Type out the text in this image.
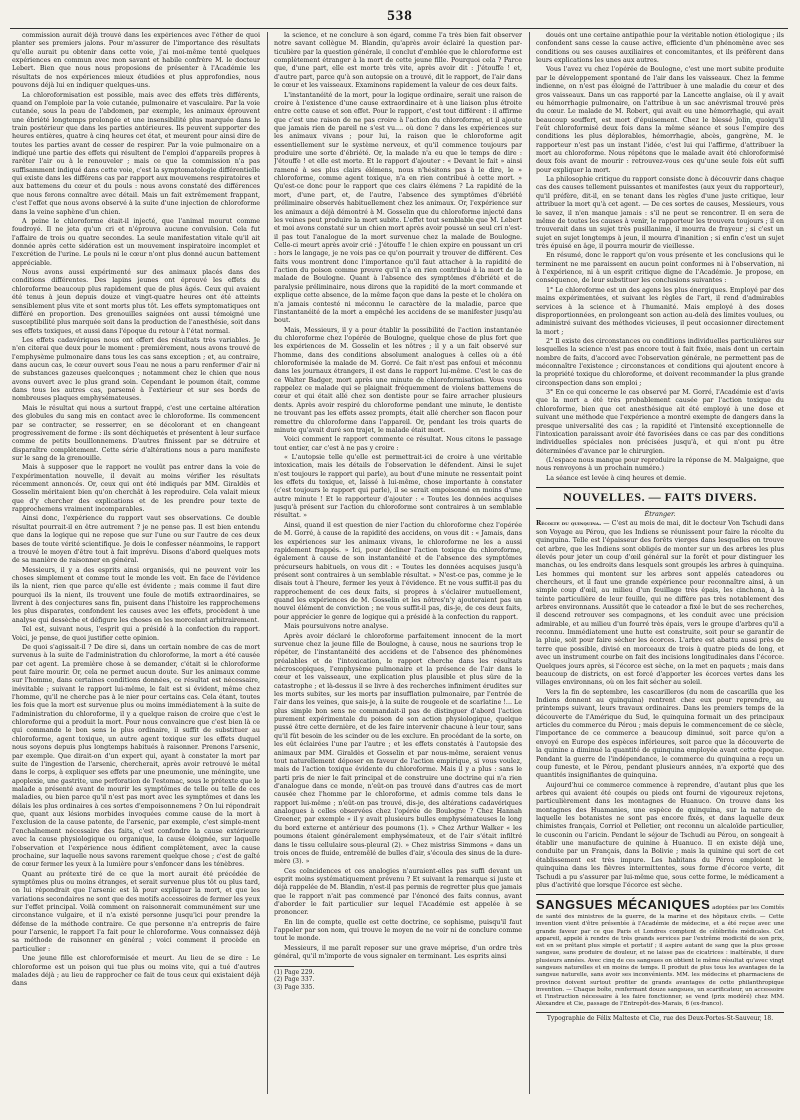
538

commission aurait déjà trouvé dans les expériences avec l'éther de quoi planter ses premiers jalons. Pour m'assurer de l'importance des résultats qu'elle aurait pu obtenir dans cette voie, j'ai moi-même tenté quelques expériences en commun avec mon savant et habile confrère M. le docteur Lebert. Bien que nous nous proposions de présenter à l'Académie les résultats de nos expériences mieux étudiées et plus approfondies, nous pouvons déjà lui en indiquer quelques-uns.

La chloroformisation est possible, mais avec des effets très différents, quand on l'emploie par la voie cutanée, pulmonaire et vasculaire. Par la voie cutanée, sous la peau de l'abdomen, par exemple, les animaux éprouvent une ébriété longtemps prolongée et une insensibilité plus marquée dans le train postérieur que dans les parties antérieures. Ils peuvent supporter des heures entières, quatre à cinq heures cet état, et meurent pour ainsi dire de toutes les parties avant de cesser de respirer. Par la voie pulmonaire on a indiqué une partie des effets qui résultent de l'emploi d'appareils propres à rarêter l'air ou à le renouveler ; mais ce que la commission n'a pas suffisamment indiqué dans cette voie, c'est la symptomatologie différentielle qui existe dans les différens cas par rapport aux mouvemens respiratoires et aux battemens du cœur et du pouls : nous avons constaté des différences que nous ferons connaître avec détail. Mais un fait extrêmement frappant, c'est l'effet que nous avons observé à la suite d'une injection de chloroforme dans la veine saphène d'un chien.

A peine le chloroforme était-il injecté, que l'animal mourut comme foudroyé. Il ne jeta qu'un cri et n'éprouva aucune convulsion. Cela fut l'affaire de trois ou quatre secondes. La seule manifestation vitale qu'il ait donnée après cette sidération est un mouvement inspiratoire incomplet et l'excrétion de l'urine. Le pouls ni le cœur n'ont plus donné aucun battement appréciable.

Nous avons aussi expérimenté sur des animaux placés dans des conditions différentes. Des lapins jeunes ont éprouvé les effets du chloroforme beaucoup plus rapidement que de plus âgés. Ceux qui avaient été tenus à jeun depuis douze et vingt-quatre heures ont été atteints sensiblement plus vite et sont morts plus tôt. Les effets symptomatiques ont différé en proportion. Des grenouilles saignées ont aussi témoigné une susceptibilité plus marquée soit dans la production de l'anesthésie, soit dans ses effets toxiques, et aussi dans l'époque du retour à l'état normal.

Les effets cadavériques nous ont offert des résultats très variables. Je n'en citerai que deux pour le moment : premièrement, nous avons trouvé de l'emphysème pulmonaire dans tous les cas sans exception ; et, au contraire, dans aucun cas, le cœur ouvert sous l'eau ne nous a paru renfermer d'air ni de substances gazeuses quelconques ; notamment chez le chien que nous avons ouvert avec le plus grand soin. Cependant le poumon était, comme dans tous les autres cas, parsemé à l'extérieur et sur ses bords de nombreuses plaques emphysémateuses.

Mais le résultat qui nous a surtout frappé, c'est une certaine altération des globules du sang mis en contact avec le chloroforme. Ils commencent par se contracter, se resserrer, en se décolorant et en changeant progressivement de forme : ils sont déchiquetés et présentent à leur surface comme de petits bouillonnemens. D'autres finissent par se détruire et disparaître complètement. Cette série d'altérations nous a paru manifeste sur le sang de la grenouille.

Mais à supposer que le rapport ne voulût pas entrer dans la voie de l'expérimentation nouvelle, il devait au moins vérifier les résultats récemment annoncés. Or, ceux qui ont été indiqués par MM. Giraldès et Gosselin méritaient bien qu'on cherchât à les reproduire. Cela valait mieux que d'y chercher des explications et de les prendre pour texte de rapprochemens vraiment incomparables.

Ainsi donc, l'expérience du rapport vaut ses observations. Ce double résultat pourrait-il en être autrement ? je ne pense pas. Il est bien entendu que dans la logique qui ne repose que sur l'une ou sur l'autre de ces deux bases de toute vérité scientifique. Je dois le confesser néanmoins, le rapport a trouvé le moyen d'être tout à fait imprévu. Disons d'abord quelques mots de sa manière de raisonner en général.

Messieurs, il y a des esprits ainsi organisés, qui ne peuvent voir les choses simplement et comme tout le monde les voit. En face de l'évidence ils la nient, rien que parce qu'elle est évidente ; mais comme il faut dire pourquoi ils la nient, ils trouvent une foule de motifs extraordinaires, se livrent à des conjectures sans fin, puisent dans l'histoire les rapprochemens les plus disparates, confondent les causes avec les effets, procèdent à une analyse qui dessèche et défigure les choses en les morcelant arbitrairement.

Tel est, suivant nous, l'esprit qui a présidé à la confection du rapport. Voici, je pense, de quoi justifier cette opinion.

De quoi s'agissait-il ? De dire si, dans un certain nombre de cas de mort survenus à la suite de l'administration du chloroforme, la mort a été causée par cet agent. La première chose à se demander, c'était si le chloroforme peut faire mourir. Or, cela ne permet aucun doute. Sur les animaux comme sur l'homme, dans certaines conditions données, ce résultat est nécessaire, inévitable ; suivant le rapport lui-même, le fait est si évident, même chez l'homme, qu'il ne cherche pas à le nier pour certains cas. Cela étant, toutes les fois que la mort est survenue plus ou moins immédiatement à la suite de l'administration du chloroforme, il y a quelque raison de croire que c'est le chloroforme qui a produit la mort. Pour nous convaincre que c'est bien là ce qui commande le bon sens le plus ordinaire, il suffit de substituer au chloroforme, agent toxique, un autre agent toxique sur les effets duquel nous soyons depuis plus longtemps habitués à raisonner. Prenons l'arsenic, par exemple. Que dirait-on d'un expert qui, ayant à constater la mort par suite de l'ingestion de l'arsenic, chercherait, après avoir retrouvé le métal dans le corps, à expliquer ses effets par une pneumonie, une méningite, une apoplexie, une gastrite, une perforation de l'estomac, sous le prétexte que le malade a présenté avant de mourir les symptômes de telle ou telle de ces maladies, ou bien parce qu'il n'est pas mort avec les symptômes et dans les délais les plus ordinaires à ces sortes d'empoisonnemens ? On lui répondrait que, quant aux lésions morbides invoquées comme cause de la mort à l'exclusion de la cause patente, de l'arsenic, par exemple, c'est simple-ment l'enchaînement nécessaire des faits, c'est confondre la cause extérieure avec la cause physiologique ou organique, la cause éloignée, sur laquelle l'observation et l'expérience nous édifient complètement, avec la cause prochaine, sur laquelle nous savons rarement quelque chose ; c'est de gaîté de cœur fermer les yeux à la lumière pour s'enfoncer dans les ténèbres.

Quant au prétexte tiré de ce que la mort aurait été précédée de symptômes plus ou moins étranges, et serait survenue plus tôt ou plus tard, on lui répondrait que l'arsenic est là pour expliquer la mort, et que les variations secondaires ne sont que des motifs accessoires de fermer les yeux sur l'effet principal. Voilà comment on raisonnerait communément sur une circonstance vulgaire, et il n'a existé personne jusqu'ici pour prendre la défense de la méthode contraire. Ce que personne n'a entrepris de faire pour l'arsenic, le rapport l'a fait pour le chloroforme. Vous connaissez déjà sa méthode de raisonner en général ; voici comment il procède en particulier :

Une jeune fille est chloroformisée et meurt. Au lieu de se dire : Le chloroforme est un poison qui tue plus ou moins vite, qui a tué d'autres malades déjà ; au lieu de rapprocher ce fait de tous ceux qui existaient déjà dans

la science, et ne conclure à son égard, comme l'a très bien fait observer notre savant collègue M. Blandin, qu'après avoir éclairé la question par-ticulière par la question générale, il conclut d'emblée que le chloroforme est complètement étranger à la mort de cette jeune fille. Pourquoi cela ? Parce que, d'une part, elle est morte très vite, après avoir dit : J'étouffe ! et, d'autre part, parce qu'à son autopsie on a trouvé, dit le rapport, de l'air dans le cœur et les vaisseaux. Examinons rapidement la valeur de ces deux faits.

L'instantanéité de la mort, pour la logique ordinaire, serait une raison de croire à l'existence d'une cause extraordinaire et à une liaison plus étroite entre cette cause et son effet. Pour le rapport, c'est tout différent : il affirme que c'est une raison de ne pas croire à l'action du chloroforme, et il ajoute que jamais rien de pareil ne s'est vu.... où donc ? dans les expériences sur les animaux vivans ; pour lui, la raison que le chloroforme agit essentiellement sur le système nerveux, et qu'il commence toujours par produire une sorte d'ébriété. Or, la malade n'a eu que le temps de dire : J'étouffe ! et elle est morte. Et le rapport d'ajouter : « Devant le fait » ainsi ramené à ses plus clairs élémens, nous n'hésitons pas à le dire, le » chloroforme, comme agent toxique, n'a en rien contribué à cette mort. » Qu'est-ce donc pour le rapport que ces clairs élémens ? La rapidité de la mort, d'une part, et, de l'autre, l'absence des symptômes d'ébriété préliminaire observés habituellement chez les animaux. Or, l'expérience sur les animaux a déjà démontré à M. Gosselin que du chloroforme injecté dans les veines peut produire la mort subite. L'effet tout semblable que M. Lebert et moi avons constaté sur un chien mort après avoir poussé un seul cri n'est-il pas tout l'analogue de la mort survenue chez la malade de Boulogne. Celle-ci meurt après avoir crié : J'étouffe ! le chien expire en poussant un cri : hors le langage, je ne vois pas ce qu'on pourrait y trouver de différent. Ces faits vous montrent donc l'importance qu'il faut attacher à la rapidité de l'action du poison comme preuve qu'il n'a en rien contribué à la mort de la malade de Boulogne. Quant à l'absence des symptômes d'ébriété et de paralysie préliminaire, nous dirons que la rapidité de la mort commande et explique cette absence, de la même façon que dans la peste et le choléra on n'a jamais contesté ni méconnu le caractère de la maladie, parce que l'instantanéité de la mort a empêché les accidens de se manifester jusqu'au bout.

Mais, Messieurs, il y a pour établir la possibilité de l'action instantanée du chloroforme chez l'opérée de Boulogne, quelque chose de plus fort que les expériences de M. Gosselin et les nôtres ; il y a un fait observé sur l'homme, dans des conditions absolument analogues à celles où a été chloroformisée la malade de M. Gorré. Ce fait n'est pas enfoui et méconnu dans les journaux étrangers, il est dans le rapport lui-même. C'est le cas de ce Walter Badger, mort après une minute de chloroformisation. Vous vous rappelez ce malade qui se plaignait fréquemment de violens battemens de cœur et qui était allé chez son dentiste pour se faire arracher plusieurs dents. Après avoir respiré du chloroforme pendant une minute, le dentiste ne trouvant pas les effets assez prompts, était allé chercher son flacon pour remettre du chloroforme dans l'appareil. Or, pendant les trois quarts de minute qu'avait duré son trajet, le malade était mort.

Voici comment le rapport commente ce résultat. Nous citons le passage tout entier, car c'est à ne pas y croire :

« L'autopsie telle qu'elle est permettrait-ici de croire à une véritable intoxication, mais les détails de l'observation le défendent. Ainsi le sujet n'est toujours le rapport qui parle), au bout d'une minute ne ressentait point les effets du toxique, et, laissé à lui-même, chose importante à constater (c'est toujours le rapport qui parle), il se serait empoisonné en moins d'une autre minute ! Et le rapporteur d'ajouter : « Toutes les données acquises jusqu'à présent sur l'action du chloroforme sont contraires à un semblable résultat. »

Ainsi, quand il est question de nier l'action du chloroforme chez l'opérée de M. Gorré, à cause de la rapidité des accidens, on vous dit : « Jamais, dans les expériences sur les animaux vivans, le chloroforme ne les a aussi rapidement frappés. » Ici, pour décliner l'action toxique du chloroforme, également à cause de son instantanéité et de l'absence des symptômes précurseurs habituels, on vous dit : « Toutes les données acquises jusqu'à présent sont contraires à un semblable résultat. » N'est-ce pas, comme je le disais tout à l'heure, fermer les yeux à l'évidence. Et ne vous suffit-il pas du rapprochement de ces deux faits, si propres à s'éclairer mutuellement, quand les expériences de M. Gosselin et les nôtres'n'y ajouteraient pas un nouvel élément de conviction ; ne vous suffit-il pas, dis-je, de ces deux faits, pour apprécier le genre de logique qui a présidé à la confection du rapport.

Mais poursuivons notre analyse.

Après avoir déclaré le chloroforme parfaitement innocent de la mort survenue chez la jeune fille de Boulogne, à cause, nous ne saurions trop le répéter, de l'instantanéité des accidens et de l'absence des phénomènes préalables et de l'intoxication, le rapport cherche dans les résultats nécroscopiques, l'emphysème pulmonaire et la présence de l'air dans le cœur et les vaisseaux, une explication plus plausible et plus sûre de la catastrophe ; et là-dessus il se livre à des recherches infiniment érudites sur les morts subites, sur les morts par insufflation pulmonaire, par l'entrée de l'air dans les veines, que sais-je, à la suite de rougeole et de scarlatine !... Le plus simple bon sens ne commandait-il pas de distinguer d'abord l'action purement expérimentale du poison de son action physiologique, quelque pussé être cette dernière, et de les faire intervenir chacune à leur tour, sans qu'il fût besoin de les scinder ou de les exclure. En procédant de la sorte, on les eût éclairées l'une par l'autre ; et les effets constatés à l'autopsie des animaux par MM. Giraldès et Gosselin et par nous-même, seraient venus tout naturellement déposer en faveur de l'action empirique, si vous voulez, mais de l'action toxique évidente du chloroforme. Mais il y a plus : sans le parti pris de nier le fait principal et de construire une doctrine qui n'a rien d'analogue dans ce monde, n'eût-on pas trouvé dans d'autres cas de mort causée chez l'homme par le chloroforme, et admis comme tels dans le rapport lui-même ; n'eût-on pas trouvé, dis-je, des altérations cadavériques analogues à celles observées chez l'opérée de Boulogne ? Chez Hannah Greener, par exemple « il y avait plusieurs bulles emphysémateuses le long du bord externe et antérieur des poumons (1). » Chez Arthur Walker « les poumons étaient généralement emphysémateux, et de l'air s'était infiltré dans le tissu cellulaire sous-pleural (2). » Chez mistriss Simmons « dans un trois onces de fluide, entremêlé de bulles d'air, s'écoula des sinus de la dure-mère (3). »

Ces coïncidences et ces analogies n'auraient-elles pas suffi devant un esprit moins systématiquement prévenu ? Et suivant la remarque si juste et déjà rappelée de M. Blandin, n'est-il pas permis de regretter plus que jamais que le rapport n'ait pas commencé par l'énoncé des faits connus, avant d'aborder le fait particulier sur lequel l'Académie est appelée à se prononcer.

En lin de compte, quelle est cette doctrine, ce sophisme, puisqu'il faut l'appeler par son nom, qui trouve le moyen de ne voir ni de conclure comme tout le monde.

Messieurs, il me paraît reposer sur une grave méprise, d'un ordre très général, qu'il m'importe de vous signaler en terminant. Les esprits ainsi

(1) Page 229.
(2) Page 337.
(3) Page 335.

doués ont une certaine antipathie pour la véritable notion étiologique ; ils confondent sans cesse la cause active, efficiente d'un phénomène avec ses conditions ou ses causes auxiliaires et concomitantes, et ils préfèrent dans leurs explications les unes aux autres.

Vous l'avez vu chez l'opérée de Boulogne, c'est une mort subite produite par le développement spontané de l'air dans les vaisseaux. Chez la femme indienne, on n'est pas éloigné de l'attribuer à une maladie du cœur et des gros vaisseaux. Dans un cas rapporté par la Lancette anglaise, où il y avait eu hémorrhagie pulmonaire, on l'attribue à un sac anévrismal trouvé près du cœur. Le malade de M. Robert, qui avait eu une hémorrhagie, qui avait beaucoup souffert, est mort d'épuisement. Chez le blessé Jolin, quoiqu'il l'eût chloroformisé deux fois dans la même séance et sous l'empire des conditions les plus déplorables, hémorrhagie, abcès, gangrène, M. le rapporteur n'est pas un instant l'idée, c'est lui qui l'affirme, d'attribuer la mort au chloroforme. Nous répétons que le malade avait été chloroformisé deux fois avant de mourir : retrouvez-vous ces qu'une seule fois eût suffi pour expliquer la mort.

La philosophie critique du rapport consiste donc à découvrir dans chaque cas des causes tellement puissantes et manifestes (aux yeux du rapporteur), qu'il préfère, dit-il, en se tenant dans les règles d'une juste critique, leur attribuer la mort qu'à cet agent. — De ces sortes de causes, Messieurs, vous le savez, il n'en manque jamais : s'il ne peut se rencontrer. Il en sera de même de toutes les causes à venir, le rapporteur les trouvera toujours ; il en trouverait dans un sujet très pusillanime, il mourra de frayeur ; si c'est un sujet en sujet longtemps à jeun, il mourra d'inanition ; si enfin c'est un sujet très épuisé en âge, il pourra mourir de vieillesse.

En résumé, donc le rapport qu'on vous présente et les conclusions qui le terminent ne me paraissent en aucun point conformes ni à l'observation, ni à l'expérience, ni à un esprit critique digne de l'Académie. Je propose, en conséquence, de leur substituer les conclusions suivantes :

1° Le chloroforme est un des agens les plus énergiques. Employé par des mains expérimentées, et suivant les règles de l'art, il rend d'admirables services à la science et à l'humanité. Mais employé à des doses disproportionnées, en prolongeant son action au-delà des limites voulues, ou administré suivant des méthodes vicieuses, il peut occasionner directement la mort ;

2° Il existe des circonstances ou conditions individuelles particulières sur lesquelles la science n'est pas encore tout à fait fixée, mais dont un certain nombre de faits, d'accord avec l'observation générale, ne permettent pas de méconnaître l'existence ; circonstances et conditions qui ajoutent encore à la propriété toxique du chloroforme, et doivent recommander la plus grande circonspection dans son emploi ;

3° En ce qui concerne le cas observé par M. Gorré, l'Académie est d'avis que la mort a été très probablement causée par l'action toxique du chloroforme, bien que cet anesthésique ait été employé à une dose et suivant une méthode que l'expérience a montré exempte de dangers dans la presque universalité des cas ; la rapidité et l'intensité exceptionnelle de l'intoxication paraissant avoir été favorisées dans ce cas par des conditions individuelles spéciales non précisées jusqu'à, et qui n'ont pu être déterminées d'avance par le chirurgien.

(L'espace nous manque pour reproduire la réponse de M. Malgaigne, que nous renvoyons à un prochain numéro.)

La séance est levée à cinq heures et demie.

NOUVELLES. — FAITS DIVERS.
Étranger.

Récolte du quinquina. — C'est au mois de mai, dit le docteur Von Tschudi dans son Voyage au Pérou, que les Indiens se réunissent pour faire la récolte du quinquina. Telle est l'épaisseur des forêts vierges dans lesquelles on trouve cet arbre, que les Indiens sont obligés de monter sur un des arbres les plus élevés pour jeter un coup d'œil général sur la forêt et pour distinguer les manchas, ou les endroits dans lesquels sont groupés les arbres à quinquina. Les hommes qui montent sur les arbres sont appelés cateadores ou chercheurs, et il faut une grande expérience pour reconnaître ainsi, à un simple coup d'œil, au milieu d'un feuillage très épais, les cinchona, à la teinte particulière de leur feuille, qui ne diffère pas très notablement des arbres environnans. Aussitôt que le cateador a fixé le but de ses recherches, il descend retrouver ses compagnons, et les conduit avec une précision admirable, et au milieu d'un fourré très épais, vers le groupe d'arbres qu'il a reconnu. Immédiatement une hutte est construite, soit pour se garantir de la pluie, soit pour faire sécher les écorces. L'arbre est abattu aussi près de terre que possible, divisé en morceaux de trois à quatre pieds de long, et avec un instrument courbe on fait des incisions longitudinales dans l'écorce. Quelques jours après, si l'écorce est sèche, on la met en paquets ; mais dans beaucoup de districts, on est forcé d'apporter les écorces vertes dans les villages environnans, où on les fait sécher au soleil.

Vers la fin de septembre, les cascarilleros (du nom de cascarilla que les Indiens donnent au quinquina) rentrent chez eux pour reprendre, au printemps suivant, leurs travaux ordinaires. Dans les premiers temps de la découverte de l'Amérique du Sud, le quinquina formait un des principaux articles du commerce du Pérou ; mais depuis le commencement de ce siècle, l'importance de ce commerce a beaucoup diminué, soit parce qu'on a envoyé en Europe des espèces inférieures, soit parce que la découverte de la quinine a diminué la quantité de quinquina employée avant cette époque. Pendant la guerre de l'indépendance, le commerce du quinquina a reçu un coup funeste, et le Pérou, pendant plusieurs années, n'a exporté que des quantités insignifiantes de quinquina.

Aujourd'hui ce commerce commence à reprendre, d'autant plus que les arbres qui avaient été coupés ou pieds ont fourni de vigoureux rejetons, particulièrement dans les montagnes de Huanuco. On trouve dans les montagnes des Huamanies, une espèce de quinquina, sur la nature de laquelle les botanistes ne sont pas encore fixés, et dans laquelle deux chimistes français, Corriol et Pelletier, ont reconnu un alcaloïde particulier, le cusconin ou l'aricin. Pendant le séjour de Tschudi au Pérou, on songeait à établir une manufacture de quinine à Huanuco. Il en existe déjà une, conduite par un Français, dans la Bolivie ; mais la quinine qui sort de cet établissement est très impure. Les habitans du Pérou emploient le quinquina dans les fièvres intermittentes, sous forme d'écorce verte, dit Tschudi a pu s'assurer par lui-même que, sous cette forme, le médicament a plus d'activité que lorsque l'écorce est sèche.

SANGSUES MÉCANIQUES adoptées par les Comités de santé des ministres de la guerre, de la marine et des hôpitaux civils. — Cette invention vient d'être présentée à l'Académie de médecine, et a été reçue avec une grande faveur par ce que Paris et Londres comptent de célébrités médicales. Cet appareil, appelé à rendre de très grands services par l'extrême modicité de son prix, est en se prêtant plus simple et portatif ; il aspire autant de sang que la plus grosse sangsue, sans produire de douleur, et ne laisse pas de cicatrices : inaltérable, il dure plusieurs années. Avec cinq de ces sangsues on obtient le même résultat qu'avec vingt sangsues naturelles et en moins de temps. Il produit de plus tous les avantages de la sangsue naturelle, sans avoir ses inconvénients. MM. les médecins et pharmaciens de province doivent surtout profiter de grands avantages de cette philanthropique invention. — Chaque boîte, renfermant douze sangsues, un scarificateur, un accessoire et l'instruction nécessaire à les faire fonctionner, se vend (prix modéré) chez MM. Alexandre et Cie, passage de l'Entrepôt-des-Marais, 6 (ex-franco).
Typographie de Félix Malteste et Cie, rue des Deux-Portes-St-Sauveur, 18.
